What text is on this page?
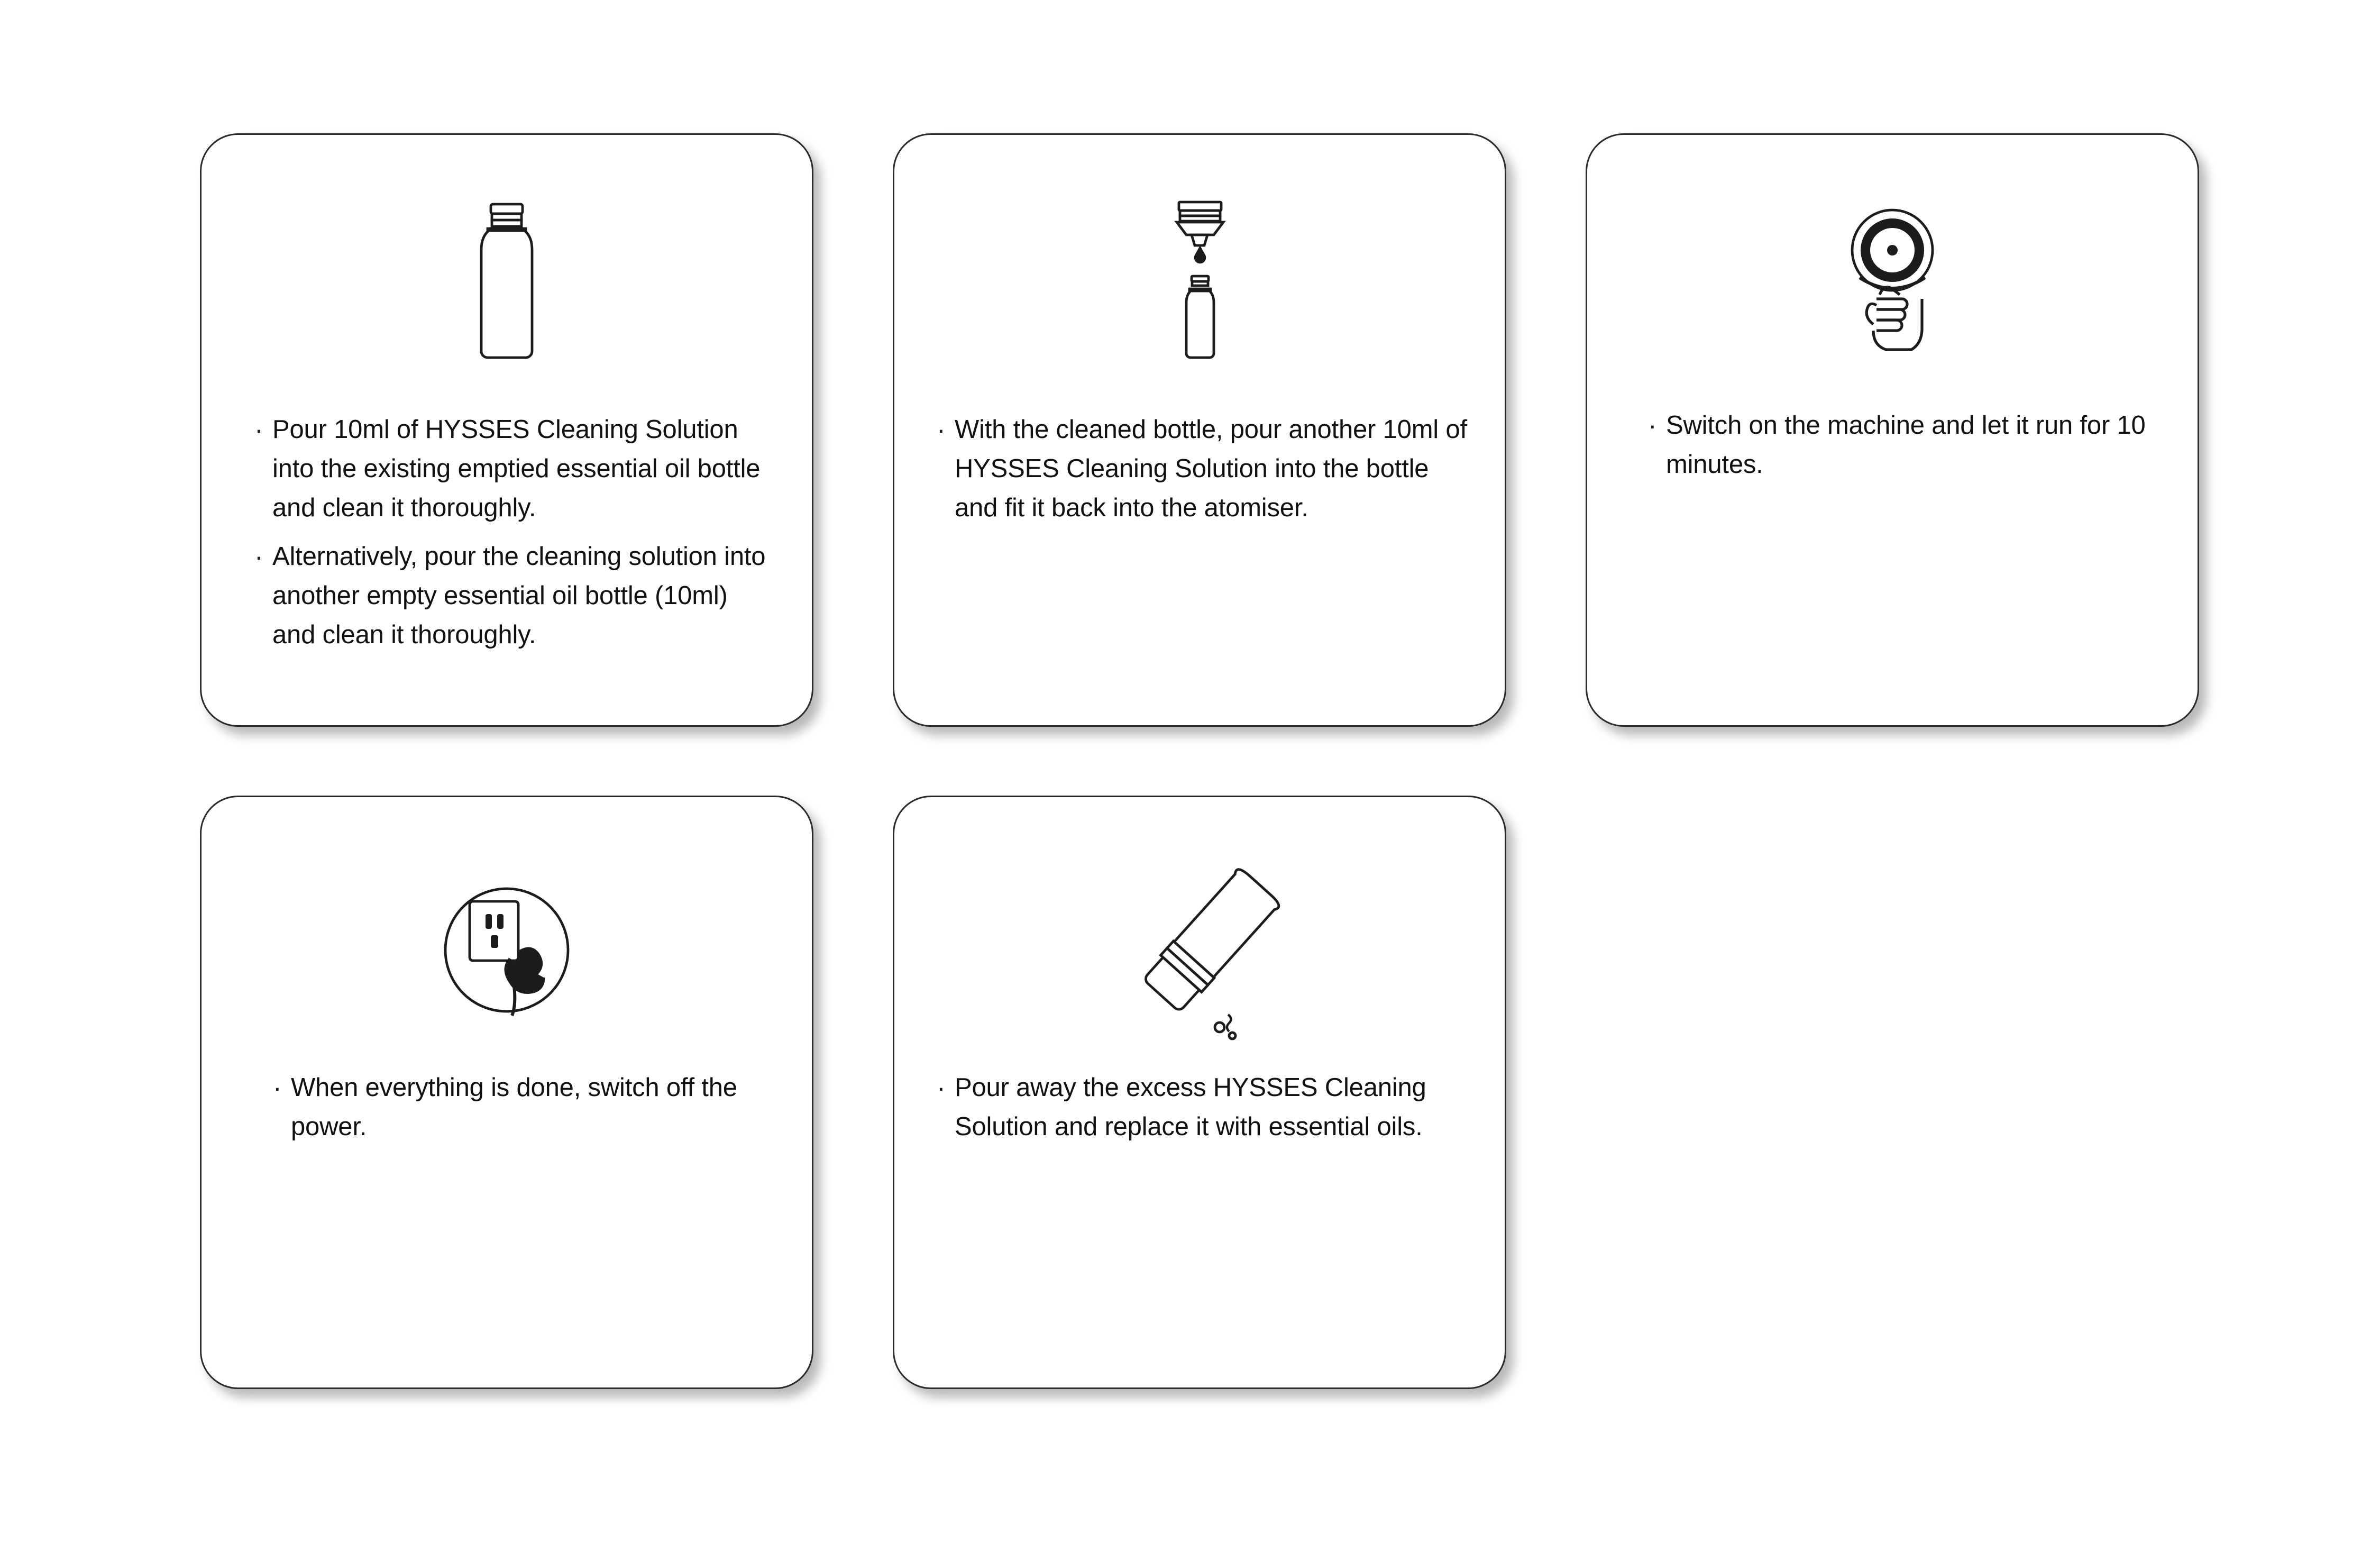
· Pour 10ml of HYSSES Cleaning Solution into the existing emptied essential oil bottle and clean it thoroughly.
· Alternatively, pour the cleaning solution into another empty essential oil bottle (10ml) and clean it thoroughly.
· With the cleaned bottle, pour another 10ml of HYSSES Cleaning Solution into the bottle and fit it back into the atomiser.
· Switch on the machine and let it run for 10 minutes.
· When everything is done, switch off the power.
· Pour away the excess HYSSES Cleaning Solution and replace it with essential oils.
